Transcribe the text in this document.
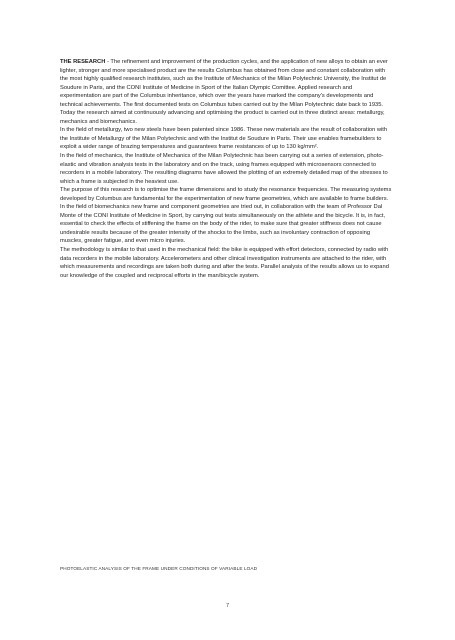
THE RESEARCH - The refinement and improvement of the production cycles, and the application of new alloys to obtain an ever lighter, stronger and more specialised product are the results Columbus has obtained from close and constant collaboration with the most highly qualified research institutes, such as the Institute of Mechanics of the Milan Polytechnic University, the Institut de Soudure in Paris, and the CONI Institute of Medicine in Sport of the Italian Olympic Comittee. Applied research and experimentation are part of the Columbus inheritance, which over the years have marked the company's developments and technical achievements. The first documented tests on Columbus tubes carried out by the Milan Polytechnic date back to 1935. Today the research aimed at continuously advancing and optimising the product is carried out in three distinct areas: metallurgy, mechanics and biomechanics.

In the field of metallurgy, two new steels have been patented since 1986. These new materials are the result of collaboration with the Institute of Metallurgy of the Milan Polytechnic and with the Institut de Soudure in Paris. Their use enables framebuilders to exploit a wider range of brazing temperatures and guarantees frame resistances of up to 130 kg/mm².

In the field of mechanics, the Institute of Mechanics of the Milan Polytechnic has been carrying out a series of extension, photo-elastic and vibration analysis tests in the laboratory and on the track, using frames equipped with microsensors connected to recorders in a mobile laboratory. The resulting diagrams have allowed the plotting of an extremely detailed map of the stresses to which a frame is subjected in the heaviest use.

The purpose of this research is to optimise the frame dimensions and to study the resonance frequencies. The measuring systems developed by Columbus are fundamental for the experimentation of new frame geometries, which are available to frame builders.

In the field of biomechanics new frame and component geometries are tried out, in collaboration with the team of Professor Dal Monte of the CONI Institute of Medicine in Sport, by carrying out tests simultaneously on the athlete and the bicycle. It is, in fact, essential to check the effects of stiffening the frame on the body of the rider, to make sure that greater stiffness does not cause undesirable results because of the greater intensity of the shocks to the limbs, such as involuntary contraction of opposing muscles, greater fatigue, and even micro injuries.

The methodology is similar to that used in the mechanical field: the bike is equipped with effort detectors, connected by radio with data recorders in the mobile laboratory. Accelerometers and other clinical investigation instruments are attached to the rider, with which measurements and recordings are taken both during and after the tests. Parallel analysis of the results allows us to expand our knowledge of the coupled and reciprocal efforts in the man/bicycle system.

PHOTOELASTIC ANALYSIS OF THE FRAME UNDER CONDITIONS OF VARIABLE LOAD
7
